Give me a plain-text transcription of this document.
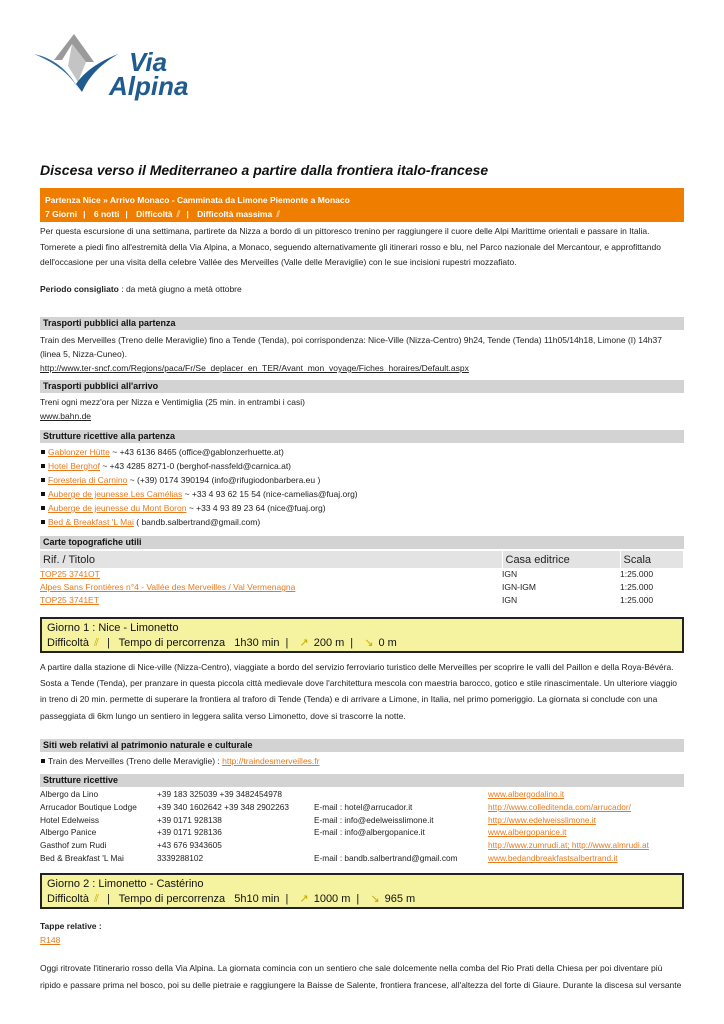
Via
Alpina
Discesa verso il Mediterraneo a partire dalla frontiera italo-francese
Partenza Nice » Arrivo Monaco - Camminata da Limone Piemonte a Monaco
7 Giorni | 6 notti | Difficoltà ⫽ | Difficoltà massima ⫽
Per questa escursione di una settimana, partirete da Nizza a bordo di un pittoresco trenino per raggiungere il cuore delle Alpi Marittime orientali e passare in Italia. Tornerete a piedi fino all'estremità della Via Alpina, a Monaco, seguendo alternativamente gli itinerari rosso e blu, nel Parco nazionale del Mercantour, e approfittando dell'occasione per una visita della celebre Vallée des Merveilles (Valle delle Meraviglie) con le sue incisioni rupestri mozzafiato.
Periodo consigliato : da metà giugno a metà ottobre
Trasporti pubblici alla partenza
Train des Merveilles (Treno delle Meraviglie) fino a Tende (Tenda), poi corrispondenza: Nice-Ville (Nizza-Centro) 9h24, Tende (Tenda) 11h05/14h18, Limone (I) 14h37 (linea 5, Nizza-Cuneo).
http://www.ter-sncf.com/Regions/paca/Fr/Se_deplacer_en_TER/Avant_mon_voyage/Fiches_horaires/Default.aspx
Trasporti pubblici all'arrivo
Treni ogni mezz'ora per Nizza e Ventimiglia (25 min. in entrambi i casi)
www.bahn.de
Strutture ricettive alla partenza
Gablonzer Hütte ~ +43 6136 8465 (office@gablonzerhuette.at)
Hotel Berghof ~ +43 4285 8271-0 (berghof-nassfeld@carnica.at)
Foresteria di Carnino ~ (+39) 0174 390194 (info@rifugiodonbarbera.eu )
Auberge de jeunesse Les Camélias ~ +33 4 93 62 15 54 (nice-camelias@fuaj.org)
Auberge de jeunesse du Mont Boron ~ +33 4 93 89 23 64 (nice@fuaj.org)
Bed & Breakfast 'L Mai ( bandb.salbertrand@gmail.com)
Carte topografiche utili
Rif. / Titolo	Casa editrice	Scala
TOP25 3741OT	IGN	1:25.000
Alpes Sans Frontières n°4 - Vallée des Merveilles / Val Vermenagna	IGN-IGM	1:25.000
TOP25 3741ET	IGN	1:25.000
Giorno 1 : Nice - Limonetto
Difficoltà ⫽ | Tempo di percorrenza 1h30 min | ↗ 200 m | ↘ 0 m
A partire dalla stazione di Nice-ville (Nizza-Centro), viaggiate a bordo del servizio ferroviario turistico delle Merveilles per scoprire le valli del Paillon e della Roya-Bévéra. Sosta a Tende (Tenda), per pranzare in questa piccola città medievale dove l'architettura mescola con maestria barocco, gotico e stile rinascimentale. Un ulteriore viaggio in treno di 20 min. permette di superare la frontiera al traforo di Tende (Tenda) e di arrivare a Limone, in Italia, nel primo pomeriggio. La giornata si conclude con una passeggiata di 6km lungo un sentiero in leggera salita verso Limonetto, dove si trascorre la notte.
Siti web relativi al patrimonio naturale e culturale
Train des Merveilles (Treno delle Meraviglie) : http://traindesmerveilles.fr
Strutture ricettive
Albergo da Lino	+39 183 325039 +39 3482454978		www.albergodalino.it
Arrucador Boutique Lodge	+39 340 1602642 +39 348 2902263	E-mail : hotel@arrucador.it	http://www.colleditenda.com/arrucador/
Hotel Edelweiss	+39 0171 928138	E-mail : info@edelweisslimone.it	http://www.edelweisslimone.it
Albergo Panice	+39 0171 928136	E-mail : info@albergopanice.it	www.albergopanice.it
Gasthof zum Rudi	+43 676 9343605		http://www.zumrudi.at; http://www.almrudi.at
Bed & Breakfast 'L Mai	3339288102	E-mail : bandb.salbertrand@gmail.com	www.bedandbreakfastsalbertrand.it
Giorno 2 : Limonetto - Castérino
Difficoltà ⫽ | Tempo di percorrenza 5h10 min | ↗ 1000 m | ↘ 965 m
Tappe relative :
R148
Oggi ritrovate l'itinerario rosso della Via Alpina. La giornata comincia con un sentiero che sale dolcemente nella comba del Rio Prati della Chiesa per poi diventare più ripido e passare prima nel bosco, poi su delle pietraie e raggiungere la Baisse de Salente, frontiera francese, all'altezza del forte di Giaure. Durante la discesa sul versante
